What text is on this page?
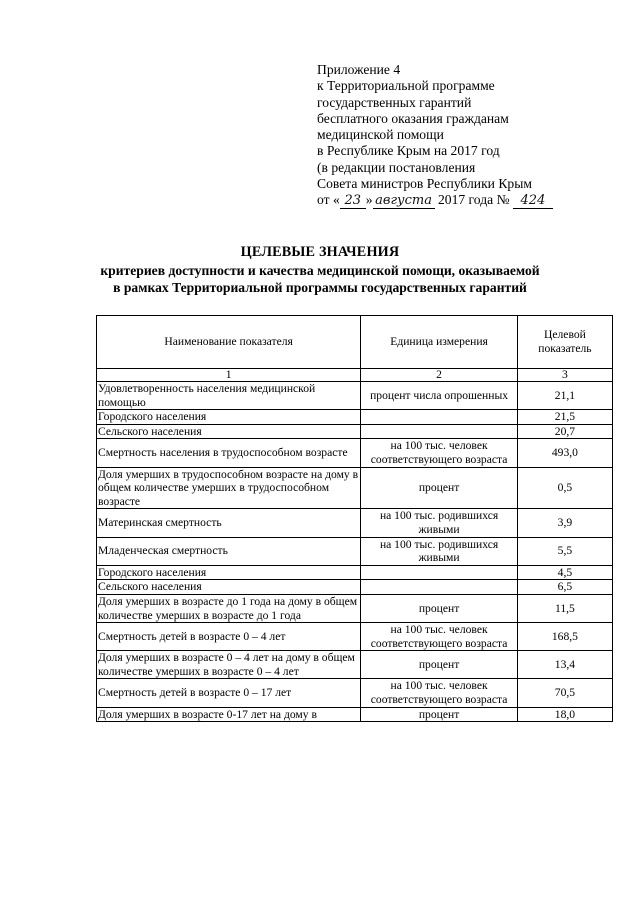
Приложение 4
к Территориальной программе
государственных гарантий
бесплатного оказания гражданам
медицинской помощи
в Республике Крым на 2017 год
(в редакции постановления
Совета министров Республики Крым
от « 23 » августа 2017 года № 424
ЦЕЛЕВЫЕ ЗНАЧЕНИЯ
критериев доступности и качества медицинской помощи, оказываемой
в рамках Территориальной программы государственных гарантий
Наименование показателя	Единица измерения	Целевой показатель
1	2	3
Удовлетворенность населения медицинской помощью	процент числа опрошенных	21,1
Городского населения		21,5
Сельского населения		20,7
Смертность населения в трудоспособном возрасте	на 100 тыс. человек соответствующего возраста	493,0
Доля умерших в трудоспособном возрасте на дому в общем количестве умерших в трудоспособном возрасте	процент	0,5
Материнская смертность	на 100 тыс. родившихся живыми	3,9
Младенческая смертность	на 100 тыс. родившихся живыми	5,5
Городского населения		4,5
Сельского населения		6,5
Доля умерших в возрасте до 1 года на дому в общем количестве умерших в возрасте до 1 года	процент	11,5
Смертность детей в возрасте 0 – 4 лет	на 100 тыс. человек соответствующего возраста	168,5
Доля умерших в возрасте 0 – 4 лет на дому в общем количестве умерших в возрасте 0 – 4 лет	процент	13,4
Смертность детей в возрасте 0 – 17 лет	на 100 тыс. человек соответствующего возраста	70,5
Доля умерших в возрасте 0-17 лет на дому в	процент	18,0
